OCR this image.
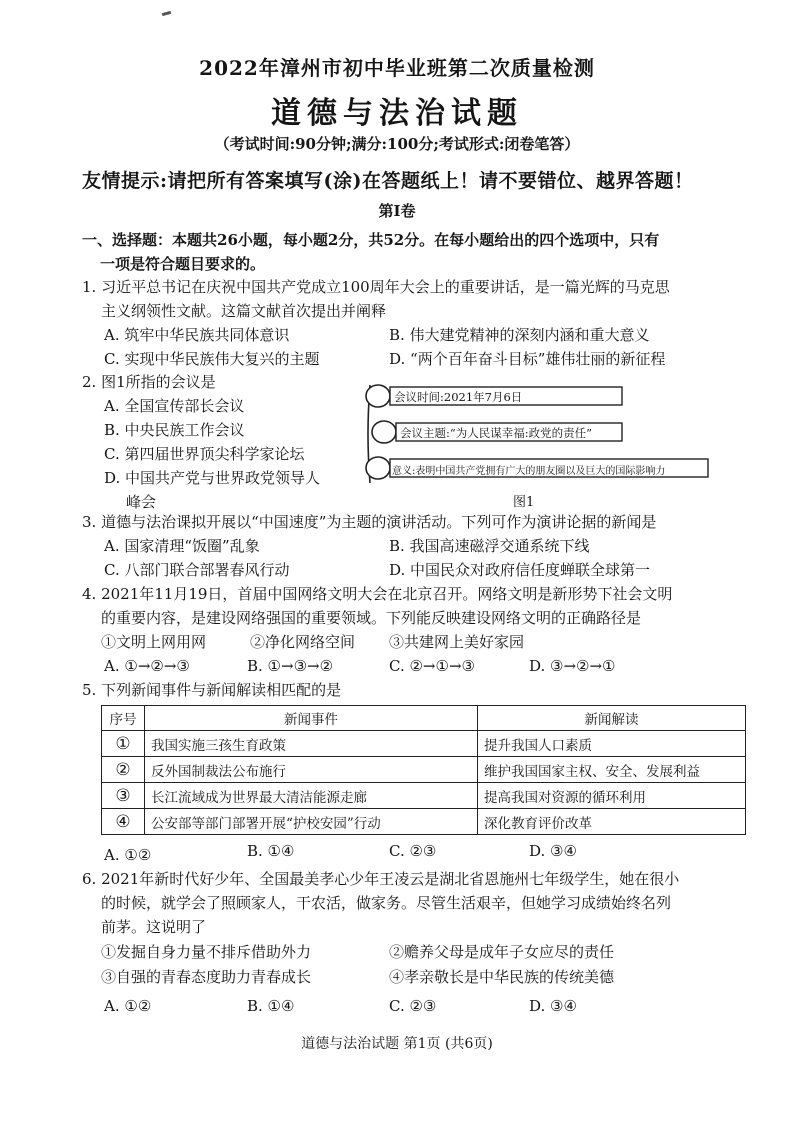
2022年漳州市初中毕业班第二次质量检测
道德与法治试题
（考试时间:90分钟;满分:100分;考试形式:闭卷笔答）
友情提示:请把所有答案填写(涂)在答题纸上！请不要错位、越界答题！
第Ⅰ卷
一、选择题：本题共26小题，每小题2分，共52分。在每小题给出的四个选项中，只有
一项是符合题目要求的。
1. 习近平总书记在庆祝中国共产党成立100周年大会上的重要讲话，是一篇光辉的马克思
主义纲领性文献。这篇文献首次提出并阐释
A. 筑牢中华民族共同体意识	B. 伟大建党精神的深刻内涵和重大意义
C. 实现中华民族伟大复兴的主题	D. “两个百年奋斗目标”雄伟壮丽的新征程
2. 图1所指的会议是
A. 全国宣传部长会议
B. 中央民族工作会议
C. 第四届世界顶尖科学家论坛
D. 中国共产党与世界政党领导人
峰会
会议时间:2021年7月6日
会议主题:“为人民谋幸福:政党的责任”
意义:表明中国共产党拥有广大的朋友圈以及巨大的国际影响力
图1
3. 道德与法治课拟开展以“中国速度”为主题的演讲活动。下列可作为演讲论据的新闻是
A. 国家清理“饭圈”乱象	B. 我国高速磁浮交通系统下线
C. 八部门联合部署春风行动	D. 中国民众对政府信任度蝉联全球第一
4. 2021年11月19日，首届中国网络文明大会在北京召开。网络文明是新形势下社会文明
的重要内容，是建设网络强国的重要领域。下列能反映建设网络文明的正确路径是
①文明上网用网	②净化网络空间 ③共建网上美好家园
A. ①→②→③	B. ①→③→②	C. ②→①→③	D. ③→②→①
5. 下列新闻事件与新闻解读相匹配的是
序号	新闻事件	新闻解读
①	我国实施三孩生育政策	提升我国人口素质
②	反外国制裁法公布施行	维护我国国家主权、安全、发展利益
③	长江流域成为世界最大清洁能源走廊	提高我国对资源的循环利用
④	公安部等部门部署开展“护校安园”行动	深化教育评价改革
A. ①②	B. ①④	C. ②③	D. ③④
6. 2021年新时代好少年、全国最美孝心少年王凌云是湖北省恩施州七年级学生，她在很小
的时候，就学会了照顾家人，干农活，做家务。尽管生活艰辛，但她学习成绩始终名列
前茅。这说明了
①发掘自身力量不排斥借助外力	②赡养父母是成年子女应尽的责任
③自强的青春态度助力青春成长	④孝亲敬长是中华民族的传统美德
A. ①②	B. ①④	C. ②③	D. ③④
道德与法治试题 第1页 (共6页)
